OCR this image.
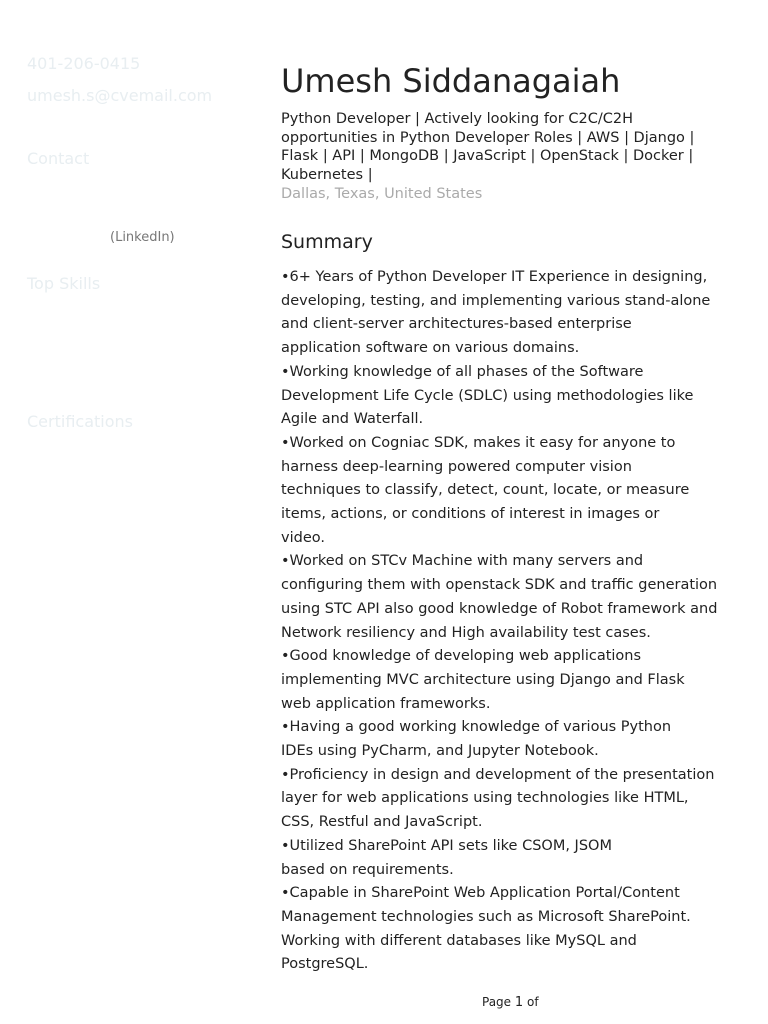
401-206-0415

umesh.s@cvemail.com

Contact

(LinkedIn)

Top Skills

Certifications

Umesh Siddanagaiah

Python Developer | Actively looking for C2C/C2H opportunities in Python Developer Roles | AWS | Django | Flask | API | MongoDB | JavaScript | OpenStack | Docker | Kubernetes |

Dallas, Texas, United States

Summary
•6+ Years of Python Developer IT Experience in designing,
developing, testing, and implementing various stand-alone
and client-server architectures-based enterprise
application software on various domains.
•Working knowledge of all phases of the Software
Development Life Cycle (SDLC) using methodologies like
Agile and Waterfall.
•Worked on Cogniac SDK, makes it easy for anyone to
harness deep-learning powered computer vision
techniques to classify, detect, count, locate, or measure
items, actions, or conditions of interest in images or
video.
•Worked on STCv Machine with many servers and
configuring them with openstack SDK and traffic generation
using STC API also good knowledge of Robot framework and
Network resiliency and High availability test cases.
•Good knowledge of developing web applications
implementing MVC architecture using Django and Flask
web application frameworks.
•Having a good working knowledge of various Python
IDEs using PyCharm, and Jupyter Notebook.
•Proficiency in design and development of the presentation
layer for web applications using technologies like HTML,
CSS, Restful and JavaScript.
•Utilized SharePoint API sets like CSOM, JSOM
based on requirements.
•Capable in SharePoint Web Application Portal/Content
Management technologies such as Microsoft SharePoint.
Working with different databases like MySQL and
PostgreSQL.

Page 1 of
